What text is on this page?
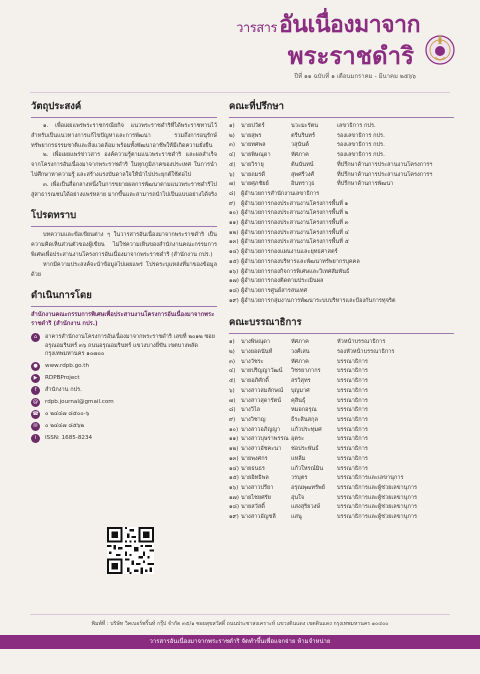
วารสารอันเนื่องมาจาก
พระราชดำริ
ปีที่ ๑๑ ฉบับที่ ๑ เดือนมกราคม - มีนาคม ๒๕๖๖
วัตถุประสงค์

๑. เพื่อเผยแพร่พระราชกรณียกิจ แนวพระราชดำริที่ได้พระราชทานไว้สำหรับเป็นแนวทางการแก้ไขปัญหาและการพัฒนา รวมถึงการอนุรักษ์ทรัพยากรธรรมชาติและสิ่งแวดล้อม พร้อมทั้งพัฒนาอาชีพให้มีเกิดความยั่งยืน

๒. เพื่อเผยแพร่ข่าวสาร องค์ความรู้ตามแนวพระราชดำริ และผลสำเร็จจากโครงการอันเนื่องมาจากพระราชดำริ ในทุกภูมิภาคของประเทศ ในการนำไปศึกษาหาความรู้ และสร้างแรงบันดาลใจให้นำไปประยุกต์ใช้ต่อไป

๓. เพื่อเป็นสื่อกลางหนึ่งในการขยายผลการพัฒนาตามแนวพระราชดำริไปสู่สาธารณชนได้อย่างแพร่หลาย มากขึ้นและสามารถนำไปเป็นแบบอย่างได้จริง

โปรดทราบ

บทความและข้อเขียนต่าง ๆ ในวารสารอันเนื่องมาจากพระราชดำริ เป็นความคิดเห็นส่วนตัวของผู้เขียน ไม่ใช่ความเห็นของสำนักงานคณะกรรมการพิเศษเพื่อประสานงานโครงการอันเนื่องมาจากพระราชดำริ (สำนักงาน กปร.)

หากมีความประสงค์จะนำข้อมูลไปเผยแพร่ โปรดระบุแหล่งที่มาของข้อมูลด้วย

ดำเนินการโดย
สำนักงานคณะกรรมการพิเศษเพื่อประสานงานโครงการอันเนื่องมาจากพระราชดำริ (สำนักงาน กปร.)
⌂	อาคารสำนักงานโครงการอันเนื่องมาจากพระราชดำริ เลขที่ ๒๐๑๒ ซอยอรุณอมรินทร์ ๓๖ ถนนอรุณอมรินทร์ แขวงบางยี่ขัน เขตบางพลัด กรุงเทพมหานคร ๑๐๗๐๐
●	www.rdpb.go.th
▶	RDPBProject
f	สำนักงาน กปร.
@	rdpb.journal@gmail.com
☎ ๐ ๒๔๔๗ ๘๕๐๐-๖
✉	๐ ๒๔๔๗ ๘๕๖๒
i	ISSN: 1685-8234
คณะที่ปรึกษา
๑)	นายปวัตร์	นวะมะรัตน	เลขาธิการ กปร.
๒)	นายสุพร	ตรีนรินทร์	รองเลขาธิการ กปร.
๓)	นายทศพล	วสุนันต์	รองเลขาธิการ กปร.
๔)	นายพิษณุดา	หัศภาค	รองเลขาธิการ กปร.
๕)	นายวิรายุ	ต้นนันทน์	ที่ปรึกษาด้านการประสานงานโครงการฯ
๖)	นายถมรดี	สุพศรีวงศ์	ที่ปรึกษาด้านการประสานงานโครงการฯ
๗)	นายศุภชัยย์	อินทราวุธ	ที่ปรึกษาด้านการพัฒนา
๘)	ผู้อำนวยการสำนักงานเลขาธิการ		
๙)	ผู้อำนวยการกองประสานงานโครงการพื้นที่ ๑		
๑๐)	ผู้อำนวยการกองประสานงานโครงการพื้นที่ ๒		
๑๑)	ผู้อำนวยการกองประสานงานโครงการพื้นที่ ๓		
๑๒)	ผู้อำนวยการกองประสานงานโครงการพื้นที่ ๔		
๑๓)	ผู้อำนวยการกองประสานงานโครงการพื้นที่ ๕		
๑๔)	ผู้อำนวยการกองแผนงานและยุทธศาสตร์		
๑๕)	ผู้อำนวยการกองบริหารและพัฒนาทรัพยากรบุคคล		
๑๖)	ผู้อำนวยการกองกิจการพิเศษและวิเทศสัมพันธ์		
๑๗)	ผู้อำนวยการกองติดตามประเมินผล		
๑๘)	ผู้อำนวยการศูนย์สารสนเทศ		
๑๙)	ผู้อำนวยการกลุ่มงานการพัฒนาระบบบริหารและป้องกันการทุจริต		
คณะบรรณาธิการ
๑)	นางพิษณุดา	หัศภาค	หัวหน้าบรรณาธิการ
๒)	นางยอดนันท์	วงศ์เสน	รองหัวหน้าบรรณาธิการ
๓)	นางวัชระ	หัศภาค	บรรณาธิการ
๔)	นายปริญญาวัฒน์	วิชรยาภากร	บรรณาธิการ
๕)	นายอภิศักดิ์	สรวิสุทร	บรรณาธิการ
๖)	นางสาวสมลักษณ์	บุญมาศ	บรรณาธิการ
๗)	นางสาวสุดารัตน์	คุสินธุ์	บรรณาธิการ
๘)	นางวิไล	หมอกอรุณ	บรรณาธิการ
๙)	นางวิชาญ	ธีระสินสกุล	บรรณาธิการ
๑๐)	นางสาวอภิญญา	แก้วประทุมศ	บรรณาธิการ
๑๑)	นางสาวบุษราพรรณ	อุตระ	บรรณาธิการ
๑๒)	นางสาวอัชคะนา	ช่อประพันธ์	บรรณาธิการ
๑๓)	นายพงศกร	แหลีม	บรรณาธิการ
๑๔)	นายธนธร	แก้วใหรณ์มิน	บรรณาธิการ
๑๕)	นายอิทธิพล	วรบุตร	บรรณาธิการและเลขานุการ
๑๖)	นางสาวปรียา	อรุณพุฒทรัพย์	บรรณาธิการและผู้ช่วยเลขานุการ
๑๗)	นายไชยศรัย	อุ่นใจ	บรรณาธิการและผู้ช่วยเลขานุการ
๑๘)	นายสวัสดิ์	แสงสุริยวงษ์	บรรณาธิการและผู้ช่วยเลขานุการ
๑๙)	นางสาวอัญชลี	แสนู	บรรณาธิการและผู้ช่วยเลขานุการ
พิมพ์ที่ : บริษัท วิคเบอร์พริ้นท์ กรุ๊ป จำกัด ๓๕/๑ ซอยสุขสวัสดิ์ ถนนประชาสงเคราะห์ แขวงดินแดง เขตดินแดง กรุงเทพมหานคร ๑๐๔๐๐
วารสารอันเนื่องมาจากพระราชดำริ จัดทำขึ้นเพื่อแจกจ่าย ห้ามจำหน่าย
